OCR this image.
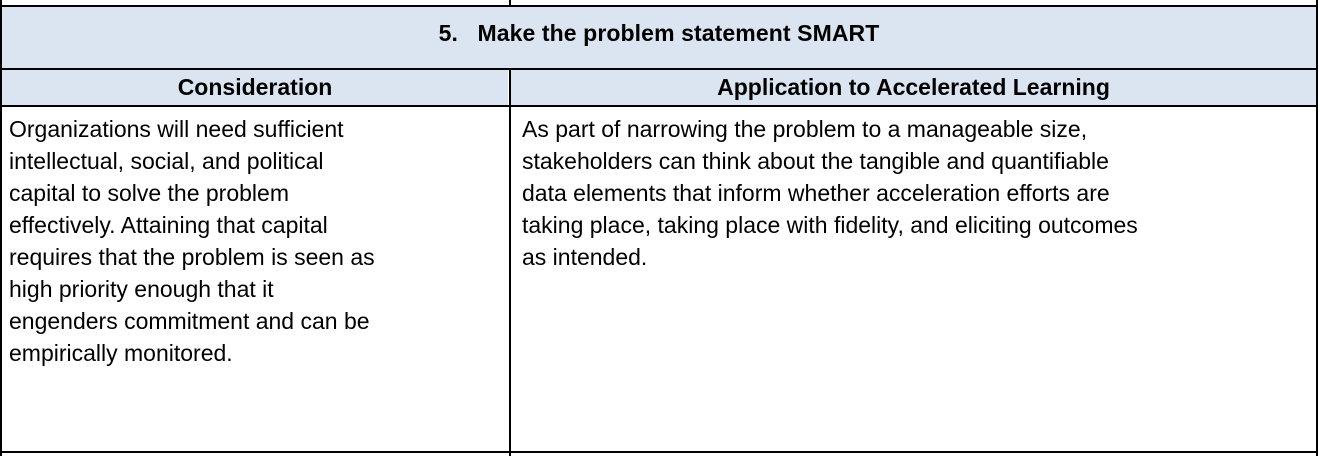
5. Make the problem statement SMART
Consideration	Application to Accelerated Learning
Organizations will need sufficient
intellectual, social, and political
capital to solve the problem
effectively. Attaining that capital
requires that the problem is seen as
high priority enough that it
engenders commitment and can be
empirically monitored.
As part of narrowing the problem to a manageable size,
stakeholders can think about the tangible and quantifiable
data elements that inform whether acceleration efforts are
taking place, taking place with fidelity, and eliciting outcomes
as intended.
